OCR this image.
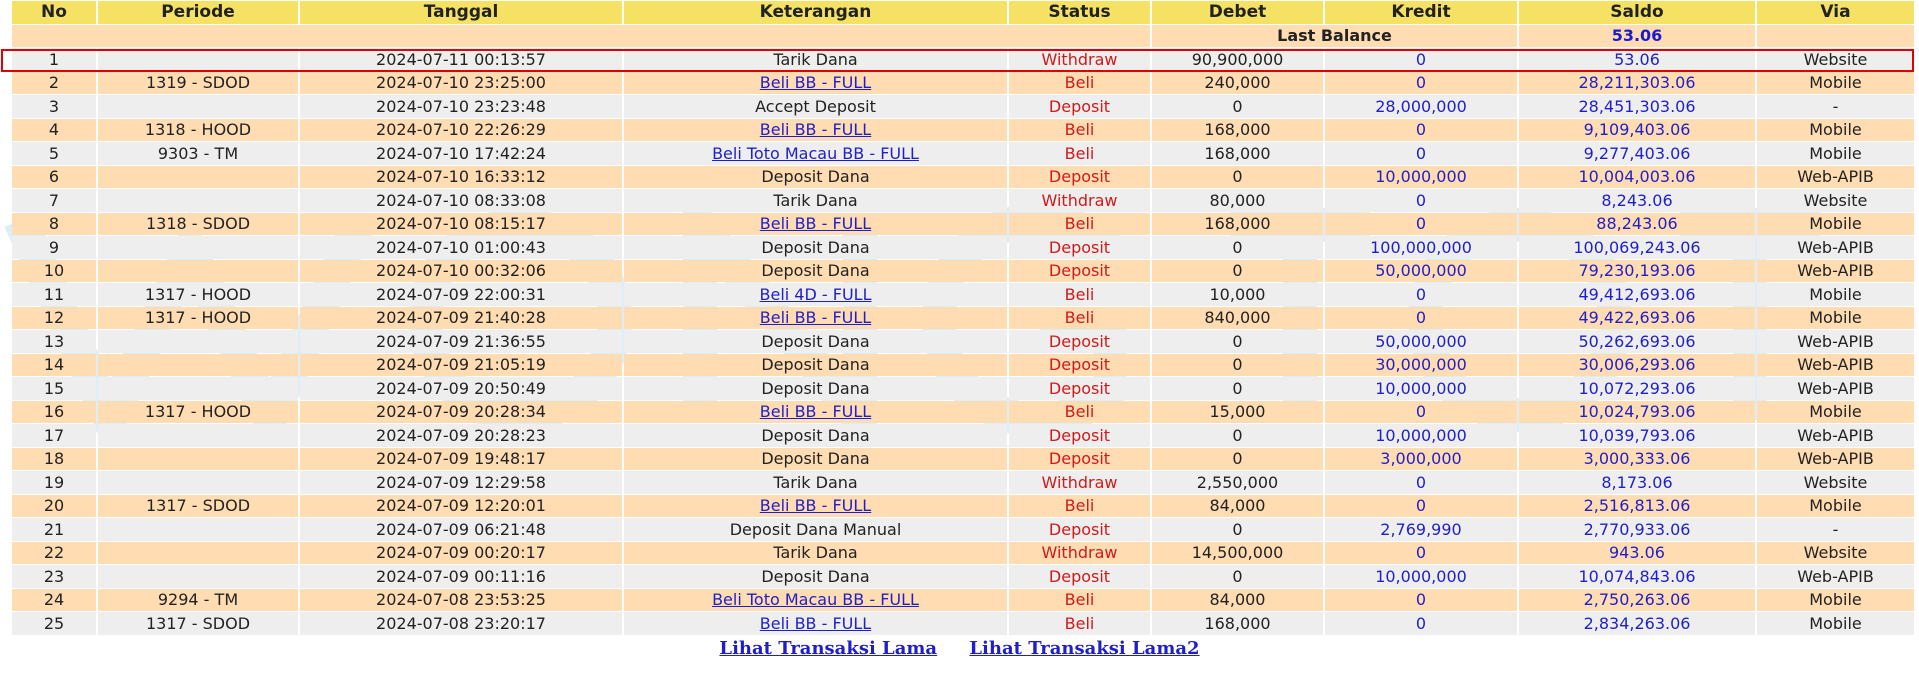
No	Periode	Tanggal	Keterangan	Status	Debet	Kredit	Saldo	Via
					Last Balance		53.06	
1		2024-07-11 00:13:57	Tarik Dana	Withdraw	90,900,000	0	53.06	Website
2	1319 - SDOD	2024-07-10 23:25:00	Beli BB - FULL	Beli	240,000	0	28,211,303.06	Mobile
3		2024-07-10 23:23:48	Accept Deposit	Deposit	0	28,000,000	28,451,303.06	-
4	1318 - HOOD	2024-07-10 22:26:29	Beli BB - FULL	Beli	168,000	0	9,109,403.06	Mobile
5	9303 - TM	2024-07-10 17:42:24	Beli Toto Macau BB - FULL	Beli	168,000	0	9,277,403.06	Mobile
6		2024-07-10 16:33:12	Deposit Dana	Deposit	0	10,000,000	10,004,003.06	Web-APIB
7		2024-07-10 08:33:08	Tarik Dana	Withdraw	80,000	0	8,243.06	Website
8	1318 - SDOD	2024-07-10 08:15:17	Beli BB - FULL	Beli	168,000	0	88,243.06	Mobile
9		2024-07-10 01:00:43	Deposit Dana	Deposit	0	100,000,000	100,069,243.06	Web-APIB
10		2024-07-10 00:32:06	Deposit Dana	Deposit	0	50,000,000	79,230,193.06	Web-APIB
11	1317 - HOOD	2024-07-09 22:00:31	Beli 4D - FULL	Beli	10,000	0	49,412,693.06	Mobile
12	1317 - HOOD	2024-07-09 21:40:28	Beli BB - FULL	Beli	840,000	0	49,422,693.06	Mobile
13		2024-07-09 21:36:55	Deposit Dana	Deposit	0	50,000,000	50,262,693.06	Web-APIB
14		2024-07-09 21:05:19	Deposit Dana	Deposit	0	30,000,000	30,006,293.06	Web-APIB
15		2024-07-09 20:50:49	Deposit Dana	Deposit	0	10,000,000	10,072,293.06	Web-APIB
16	1317 - HOOD	2024-07-09 20:28:34	Beli BB - FULL	Beli	15,000	0	10,024,793.06	Mobile
17		2024-07-09 20:28:23	Deposit Dana	Deposit	0	10,000,000	10,039,793.06	Web-APIB
18		2024-07-09 19:48:17	Deposit Dana	Deposit	0	3,000,000	3,000,333.06	Web-APIB
19		2024-07-09 12:29:58	Tarik Dana	Withdraw	2,550,000	0	8,173.06	Website
20	1317 - SDOD	2024-07-09 12:20:01	Beli BB - FULL	Beli	84,000	0	2,516,813.06	Mobile
21		2024-07-09 06:21:48	Deposit Dana Manual	Deposit	0	2,769,990	2,770,933.06	-
22		2024-07-09 00:20:17	Tarik Dana	Withdraw	14,500,000	0	943.06	Website
23		2024-07-09 00:11:16	Deposit Dana	Deposit	0	10,000,000	10,074,843.06	Web-APIB
24	9294 - TM	2024-07-08 23:53:25	Beli Toto Macau BB - FULL	Beli	84,000	0	2,750,263.06	Mobile
25	1317 - SDOD	2024-07-08 23:20:17	Beli BB - FULL	Beli	168,000	0	2,834,263.06	Mobile
Lihat Transaksi Lama Lihat Transaksi Lama2
